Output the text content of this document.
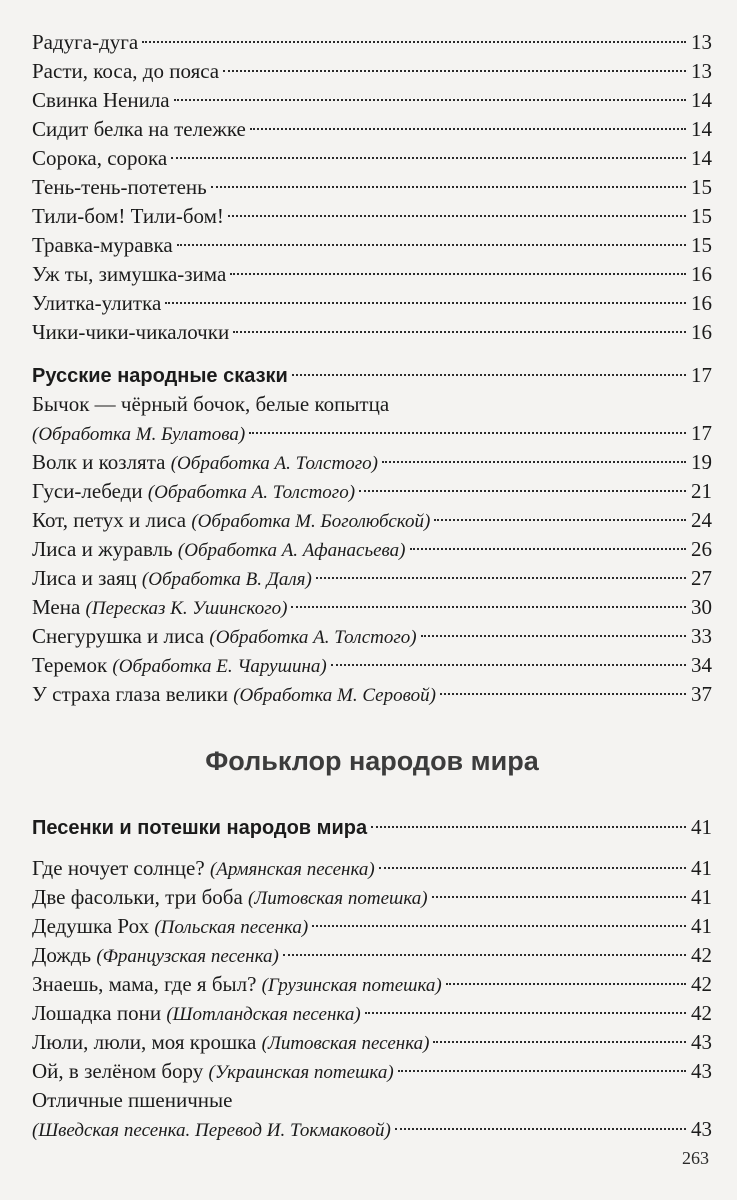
Радуга-дуга	13
Расти, коса, до пояса	13
Свинка Ненила	14
Сидит белка на тележке	14
Сорока, сорока	14
Тень-тень-потетень	15
Тили-бом! Тили-бом!	15
Травка-муравка	15
Уж ты, зимушка-зима	16
Улитка-улитка	16
Чики-чики-чикалочки	16
Русские народные сказки	17
Бычок — чёрный бочок, белые копытца
(Обработка М. Булатова)	17
Волк и козлята (Обработка А. Толстого)	19
Гуси-лебеди (Обработка А. Толстого)	21
Кот, петух и лиса (Обработка М. Боголюбской)	24
Лиса и журавль (Обработка А. Афанасьева)	26
Лиса и заяц (Обработка В. Даля)	27
Мена (Пересказ К. Ушинского)	30
Снегурушка и лиса (Обработка А. Толстого)	33
Теремок (Обработка Е. Чарушина)	34
У страха глаза велики (Обработка М. Серовой)	37
Фольклор народов мира
Песенки и потешки народов мира	41
Где ночует солнце? (Армянская песенка)	41
Две фасольки, три боба (Литовская потешка)	41
Дедушка Рох (Польская песенка)	41
Дождь (Французская песенка)	42
Знаешь, мама, где я был? (Грузинская потешка)	42
Лошадка пони (Шотландская песенка)	42
Люли, люли, моя крошка (Литовская песенка)	43
Ой, в зелёном бору (Украинская потешка)	43
Отличные пшеничные
(Шведская песенка. Перевод И. Токмаковой)	43
263
